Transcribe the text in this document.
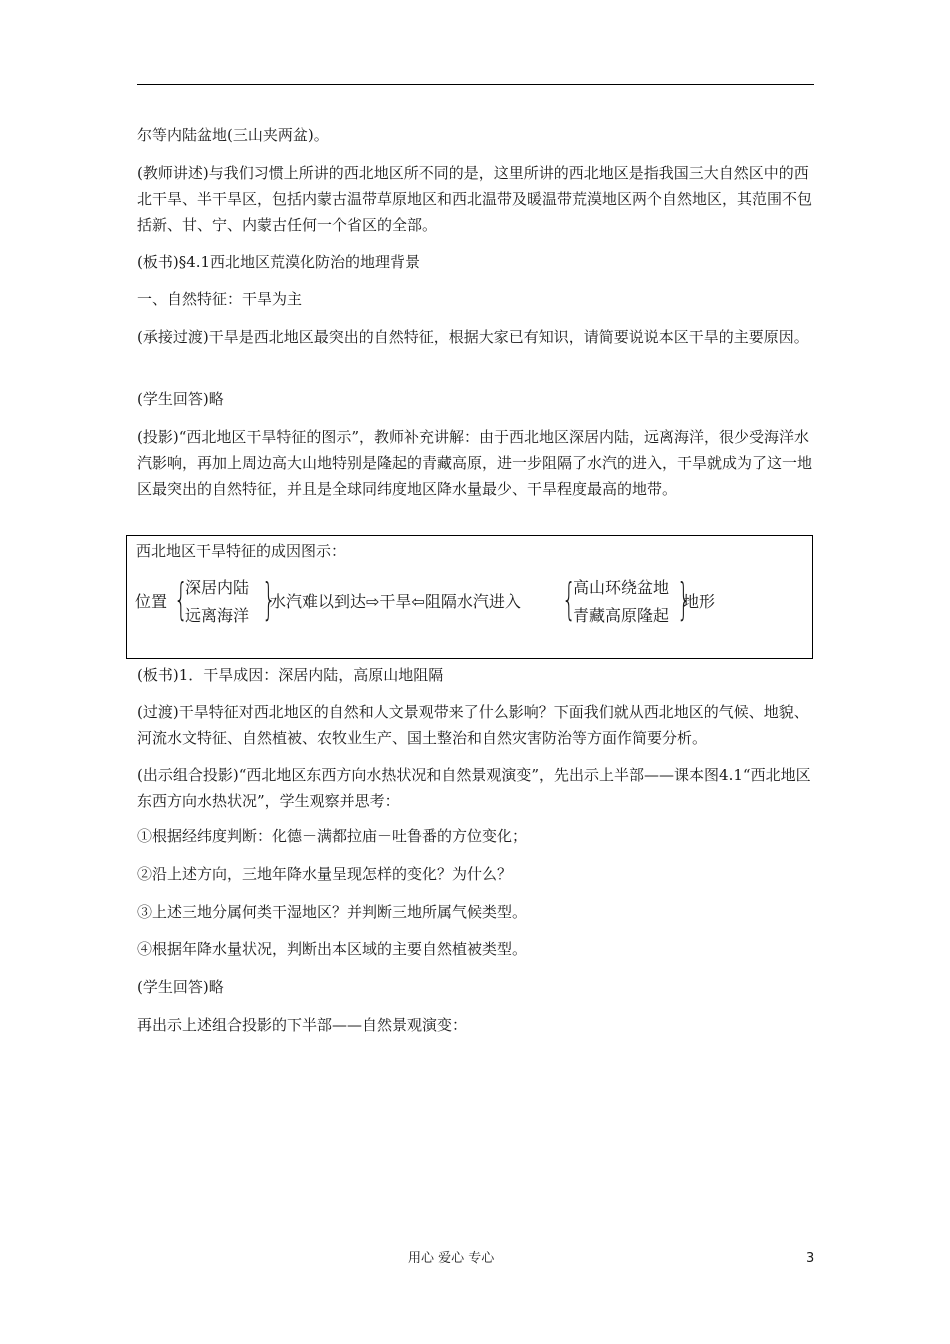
尔等内陆盆地(三山夹两盆)。

(教师讲述)与我们习惯上所讲的西北地区所不同的是，这里所讲的西北地区是指我国三大自然区中的西北干旱、半干旱区，包括内蒙古温带草原地区和西北温带及暖温带荒漠地区两个自然地区，其范围不包括新、甘、宁、内蒙古任何一个省区的全部。

(板书)§4.1西北地区荒漠化防治的地理背景

一、自然特征：干旱为主

(承接过渡)干旱是西北地区最突出的自然特征，根据大家已有知识，请简要说说本区干旱的主要原因。

(学生回答)略

(投影)“西北地区干旱特征的图示”，教师补充讲解：由于西北地区深居内陆，远离海洋，很少受海洋水汽影响，再加上周边高大山地特别是隆起的青藏高原，进一步阻隔了水汽的进入，干旱就成为了这一地区最突出的自然特征，并且是全球同纬度地区降水量最少、干旱程度最高的地带。

西北地区干旱特征的成因图示：
位置 {
深居内陆
远离海洋 }
水汽难以到达⇨干旱⇦阻隔水汽进入 {
高山环绕盆地
青藏高原隆起 }
地形

(板书)1．干旱成因：深居内陆，高原山地阻隔

(过渡)干旱特征对西北地区的自然和人文景观带来了什么影响？下面我们就从西北地区的气候、地貌、河流水文特征、自然植被、农牧业生产、国土整治和自然灾害防治等方面作简要分析。

(出示组合投影)“西北地区东西方向水热状况和自然景观演变”，先出示上半部——课本图4.1“西北地区东西方向水热状况”，学生观察并思考：

①根据经纬度判断：化德－满都拉庙－吐鲁番的方位变化；

②沿上述方向，三地年降水量呈现怎样的变化？为什么？

③上述三地分属何类干湿地区？并判断三地所属气候类型。

④根据年降水量状况，判断出本区域的主要自然植被类型。

(学生回答)略

再出示上述组合投影的下半部——自然景观演变：

用心 爱心 专心	3
